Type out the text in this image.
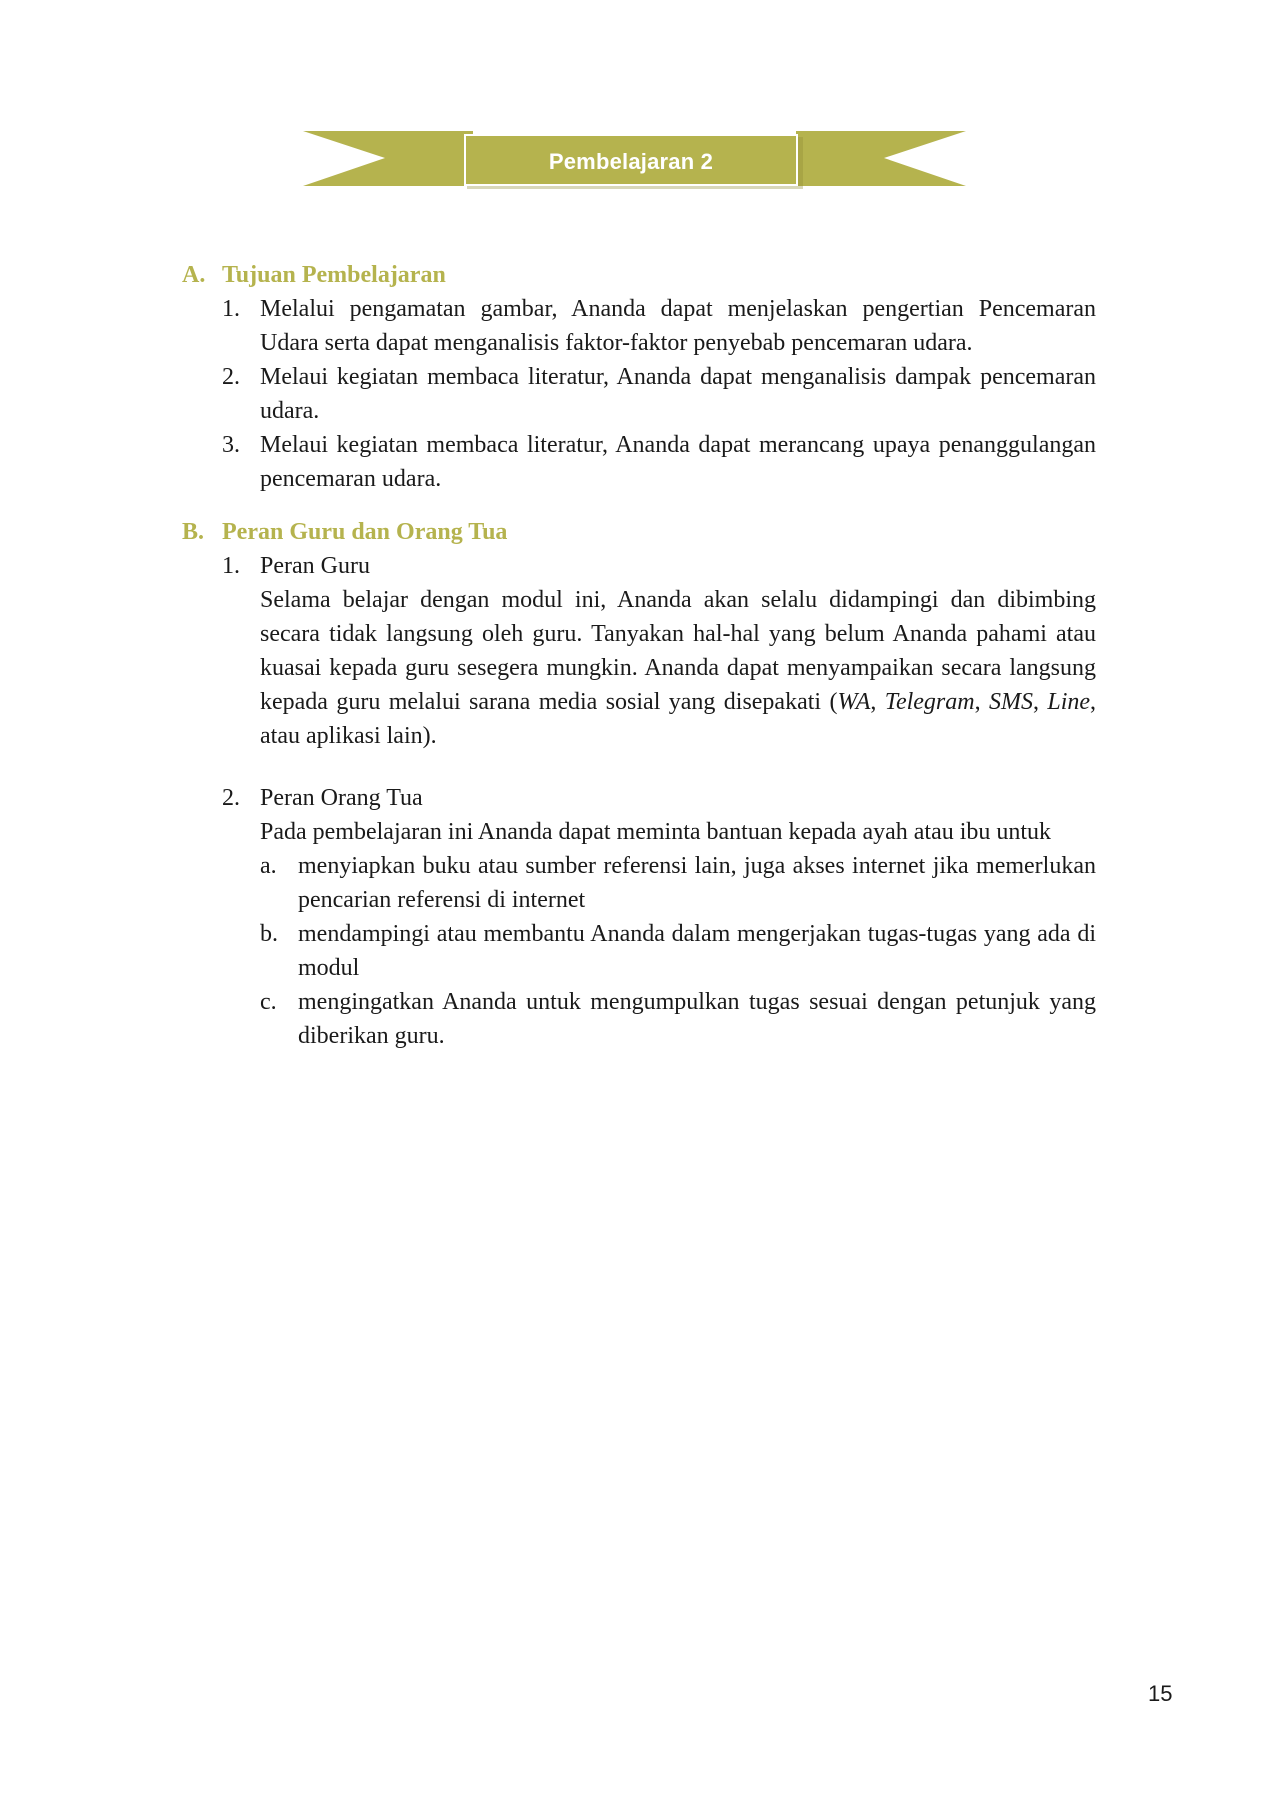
Pembelajaran 2
A. Tujuan Pembelajaran
1. Melalui pengamatan gambar, Ananda dapat menjelaskan pengertian Pencemaran Udara serta dapat menganalisis faktor-faktor penyebab pencemaran udara.
2. Melaui kegiatan membaca literatur, Ananda dapat menganalisis dampak pencemaran udara.
3. Melaui kegiatan membaca literatur, Ananda dapat merancang upaya penanggulangan pencemaran udara.
B. Peran Guru dan Orang Tua
1. Peran Guru
Selama belajar dengan modul ini, Ananda akan selalu didampingi dan dibimbing secara tidak langsung oleh guru. Tanyakan hal-hal yang belum Ananda pahami atau kuasai kepada guru sesegera mungkin. Ananda dapat menyampaikan secara langsung kepada guru melalui sarana media sosial yang disepakati (WA, Telegram, SMS, Line, atau aplikasi lain).
2. Peran Orang Tua
Pada pembelajaran ini Ananda dapat meminta bantuan kepada ayah atau ibu untuk
a. menyiapkan buku atau sumber referensi lain, juga akses internet jika memerlukan pencarian referensi di internet
b. mendampingi atau membantu Ananda dalam mengerjakan tugas-tugas yang ada di modul
c. mengingatkan Ananda untuk mengumpulkan tugas sesuai dengan petunjuk yang diberikan guru.
15
